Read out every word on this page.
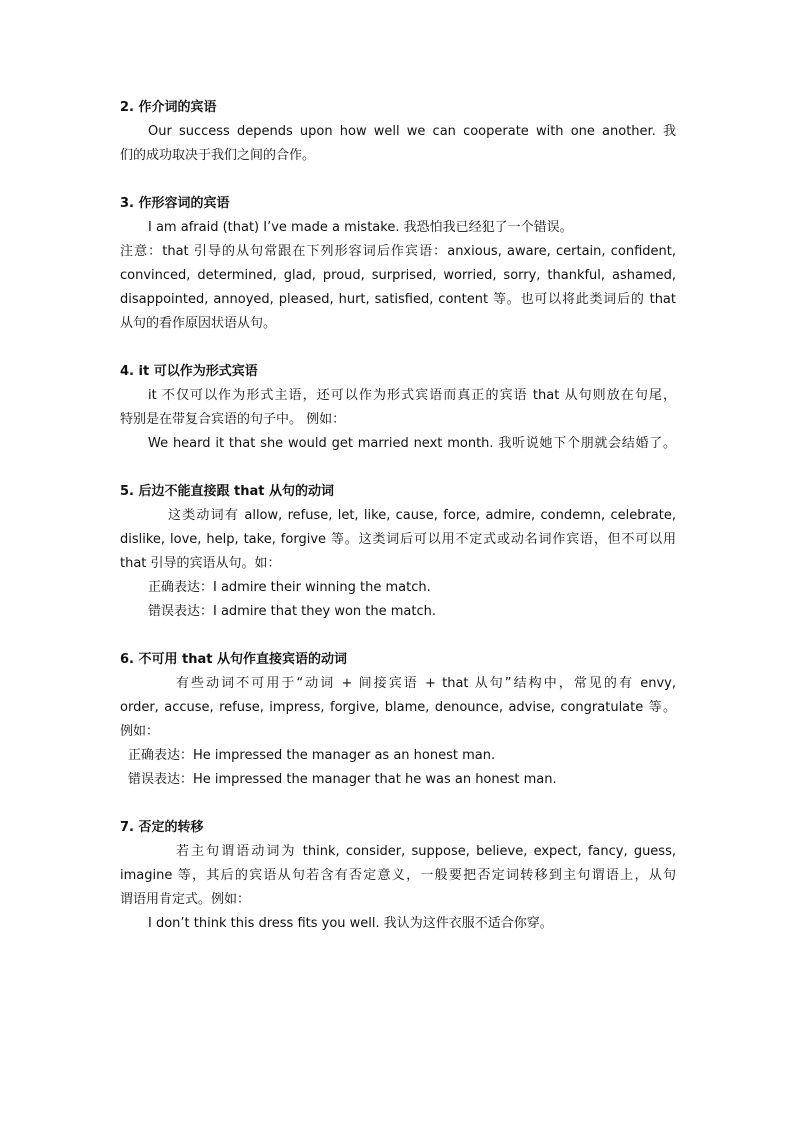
2. 作介词的宾语
Our success depends upon how well we can cooperate with one another. 我
们的成功取决于我们之间的合作。
3. 作形容词的宾语
I am afraid (that) I’ve made a mistake. 我恐怕我已经犯了一个错误。
注意：that 引导的从句常跟在下列形容词后作宾语：anxious, aware, certain, confident,
convinced, determined, glad, proud, surprised, worried, sorry, thankful, ashamed,
disappointed, annoyed, pleased, hurt, satisfied, content 等。也可以将此类词后的 that
从句的看作原因状语从句。
4. it 可以作为形式宾语
it 不仅可以作为形式主语，还可以作为形式宾语而真正的宾语 that 从句则放在句尾，
特别是在带复合宾语的句子中。 例如：
We heard it that she would get married next month. 我听说她下个朋就会结婚了。
5. 后边不能直接跟 that 从句的动词
这类动词有 allow, refuse, let, like, cause, force, admire, condemn, celebrate,
dislike, love, help, take, forgive 等。这类词后可以用不定式或动名词作宾语，但不可以用
that 引导的宾语从句。如：
正确表达：I admire their winning the match.
错误表达：I admire that they won the match.
6. 不可用 that 从句作直接宾语的动词
有些动词不可用于“动词 + 间接宾语 + that 从句”结构中，常见的有 envy,
order, accuse, refuse, impress, forgive, blame, denounce, advise, congratulate 等。
例如：
正确表达：He impressed the manager as an honest man.
错误表达：He impressed the manager that he was an honest man.
7. 否定的转移
若主句谓语动词为 think, consider, suppose, believe, expect, fancy, guess,
imagine 等，其后的宾语从句若含有否定意义，一般要把否定词转移到主句谓语上，从句
谓语用肯定式。例如：
I don’t think this dress fits you well. 我认为这件衣服不适合你穿。
